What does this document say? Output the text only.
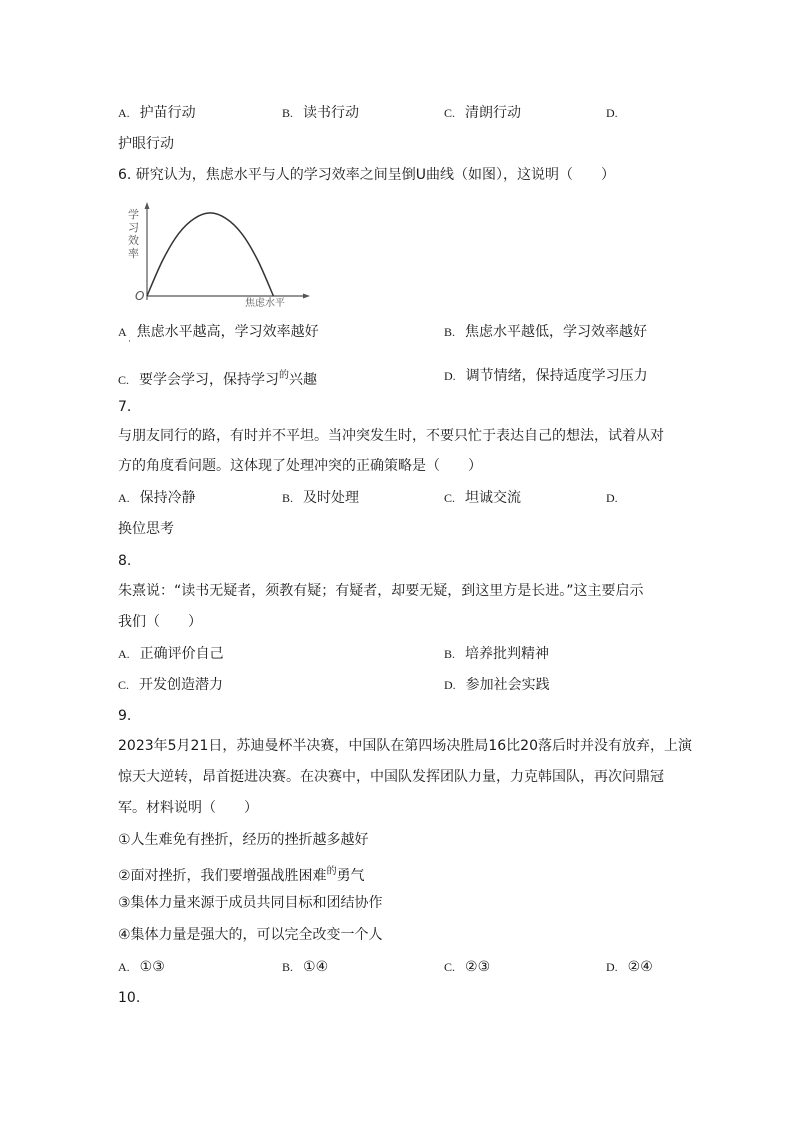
A. 护苗行动	B. 读书行动	C. 清朗行动	D.
护眼行动
6. 研究认为，焦虑水平与人的学习效率之间呈倒U曲线（如图），这说明（　　）
学
习
效
率
O
焦虑水平
A 焦虑水平越高，学习效率越好
·
B. 焦虑水平越低，学习效率越好
C. 要学会学习，保持学习$^的$兴趣	D. 调节情绪，保持适度学习压力
7.
与朋友同行的路，有时并不平坦。当冲突发生时，不要只忙于表达自己的想法，试着从对
方的角度看问题。这体现了处理冲突的正确策略是（　　）
A. 保持冷静	B. 及时处理	C. 坦诚交流	D.
换位思考
8.
朱熹说：“读书无疑者，须教有疑；有疑者，却要无疑，到这里方是长进。”这主要启示
我们（　　）
A. 正确评价自己	B. 培养批判精神
C. 开发创造潜力	D. 参加社会实践
9.
2023年5月21日，苏迪曼杯半决赛，中国队在第四场决胜局16比20落后时并没有放弃，上演
惊天大逆转，昂首挺进决赛。在决赛中，中国队发挥团队力量，力克韩国队，再次问鼎冠
军。材料说明（　　）
①人生难免有挫折，经历的挫折越多越好
②面对挫折，我们要增强战胜困难$^的$勇气
③集体力量来源于成员共同目标和团结协作
④集体力量是强大的，可以完全改变一个人
A. ①③	B. ①④	C. ②③	D. ②④
10.
